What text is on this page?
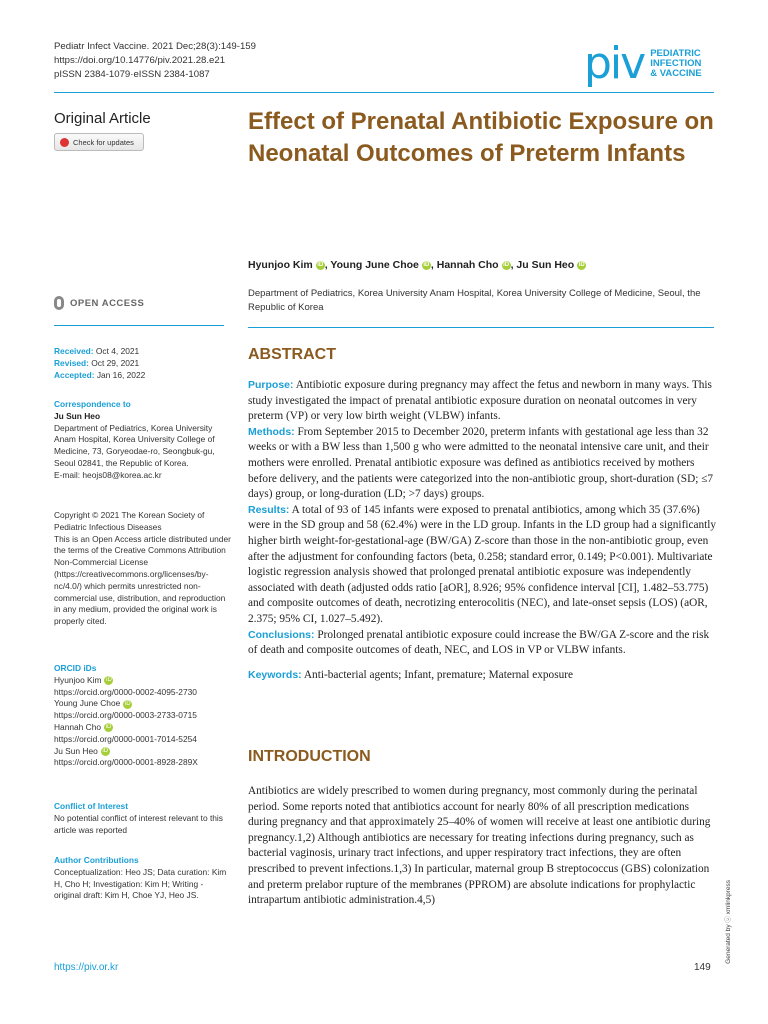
Pediatr Infect Vaccine. 2021 Dec;28(3):149-159
https://doi.org/10.14776/piv.2021.28.e21
pISSN 2384-1079·eISSN 2384-1087	piv PEDIATRIC
INFECTION
& VACCINE
Original Article
Check for updates
Effect of Prenatal Antibiotic Exposure on Neonatal Outcomes of Preterm Infants
Hyunjoo Kim iD , Young June Choe iD , Hannah Cho iD , Ju Sun Heo iD
Department of Pediatrics, Korea University Anam Hospital, Korea University College of Medicine, Seoul, the Republic of Korea
OPEN ACCESS
Received: Oct 4, 2021
Revised: Oct 29, 2021
Accepted: Jan 16, 2022
Correspondence to
Ju Sun Heo
Department of Pediatrics, Korea University Anam Hospital, Korea University College of Medicine, 73, Goryeodae-ro, Seongbuk-gu, Seoul 02841, the Republic of Korea.
E-mail: heojs08@korea.ac.kr
Copyright © 2021 The Korean Society of Pediatric Infectious Diseases
This is an Open Access article distributed under the terms of the Creative Commons Attribution Non-Commercial License (https://creativecommons.org/licenses/by-nc/4.0/) which permits unrestricted non-commercial use, distribution, and reproduction in any medium, provided the original work is properly cited.
ORCID iDs
Hyunjoo Kim iD
https://orcid.org/0000-0002-4095-2730
Young June Choe iD
https://orcid.org/0000-0003-2733-0715
Hannah Cho iD
https://orcid.org/0000-0001-7014-5254
Ju Sun Heo iD
https://orcid.org/0000-0001-8928-289X
Conflict of Interest
No potential conflict of interest relevant to this article was reported
Author Contributions
Conceptualization: Heo JS; Data curation: Kim H, Cho H; Investigation: Kim H; Writing - original draft: Kim H, Choe YJ, Heo JS.
ABSTRACT

Purpose: Antibiotic exposure during pregnancy may affect the fetus and newborn in many ways. This study investigated the impact of prenatal antibiotic exposure duration on neonatal outcomes in very preterm (VP) or very low birth weight (VLBW) infants.

Methods: From September 2015 to December 2020, preterm infants with gestational age less than 32 weeks or with a BW less than 1,500 g who were admitted to the neonatal intensive care unit, and their mothers were enrolled. Prenatal antibiotic exposure was defined as antibiotics received by mothers before delivery, and the patients were categorized into the non-antibiotic group, short-duration (SD; ≤7 days) group, or long-duration (LD; >7 days) groups.

Results: A total of 93 of 145 infants were exposed to prenatal antibiotics, among which 35 (37.6%) were in the SD group and 58 (62.4%) were in the LD group. Infants in the LD group had a significantly higher birth weight-for-gestational-age (BW/GA) Z-score than those in the non-antibiotic group, even after the adjustment for confounding factors (beta, 0.258; standard error, 0.149; P<0.001). Multivariate logistic regression analysis showed that prolonged prenatal antibiotic exposure was independently associated with death (adjusted odds ratio [aOR], 8.926; 95% confidence interval [CI], 1.482–53.775) and composite outcomes of death, necrotizing enterocolitis (NEC), and late-onset sepsis (LOS) (aOR, 2.375; 95% CI, 1.027–5.492).

Conclusions: Prolonged prenatal antibiotic exposure could increase the BW/GA Z-score and the risk of death and composite outcomes of death, NEC, and LOS in VP or VLBW infants.

Keywords: Anti-bacterial agents; Infant, premature; Maternal exposure

INTRODUCTION
Antibiotics are widely prescribed to women during pregnancy, most commonly during the perinatal period. Some reports noted that antibiotics account for nearly 80% of all prescription medications during pregnancy and that approximately 25–40% of women will receive at least one antibiotic during pregnancy.1,2) Although antibiotics are necessary for treating infections during pregnancy, such as bacterial vaginosis, urinary tract infections, and upper respiratory tract infections, they are often prescribed to prevent infections.1,3) In particular, maternal group B streptococcus (GBS) colonization and preterm prelabor rupture of the membranes (PPROM) are absolute indications for prophylactic intrapartum antibiotic administration.4,5)	Generated by ⓒ xmlinkpress
https://piv.or.kr	149
